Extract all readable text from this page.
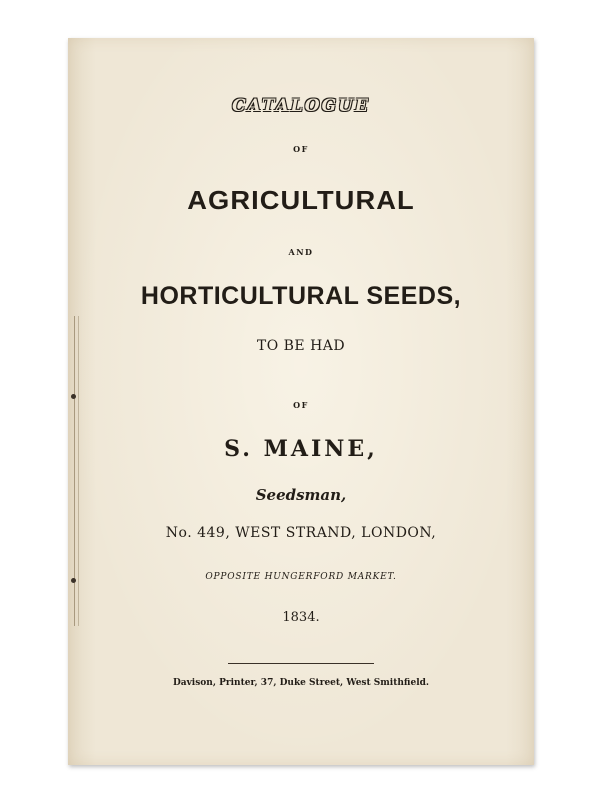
CATALOGUE
OF
AGRICULTURAL
AND
HORTICULTURAL SEEDS,
TO BE HAD
OF
S. MAINE,
Seedsman,
No. 449, WEST STRAND, LONDON,
OPPOSITE HUNGERFORD MARKET.
1834.
Davison, Printer, 37, Duke Street, West Smithfield.
